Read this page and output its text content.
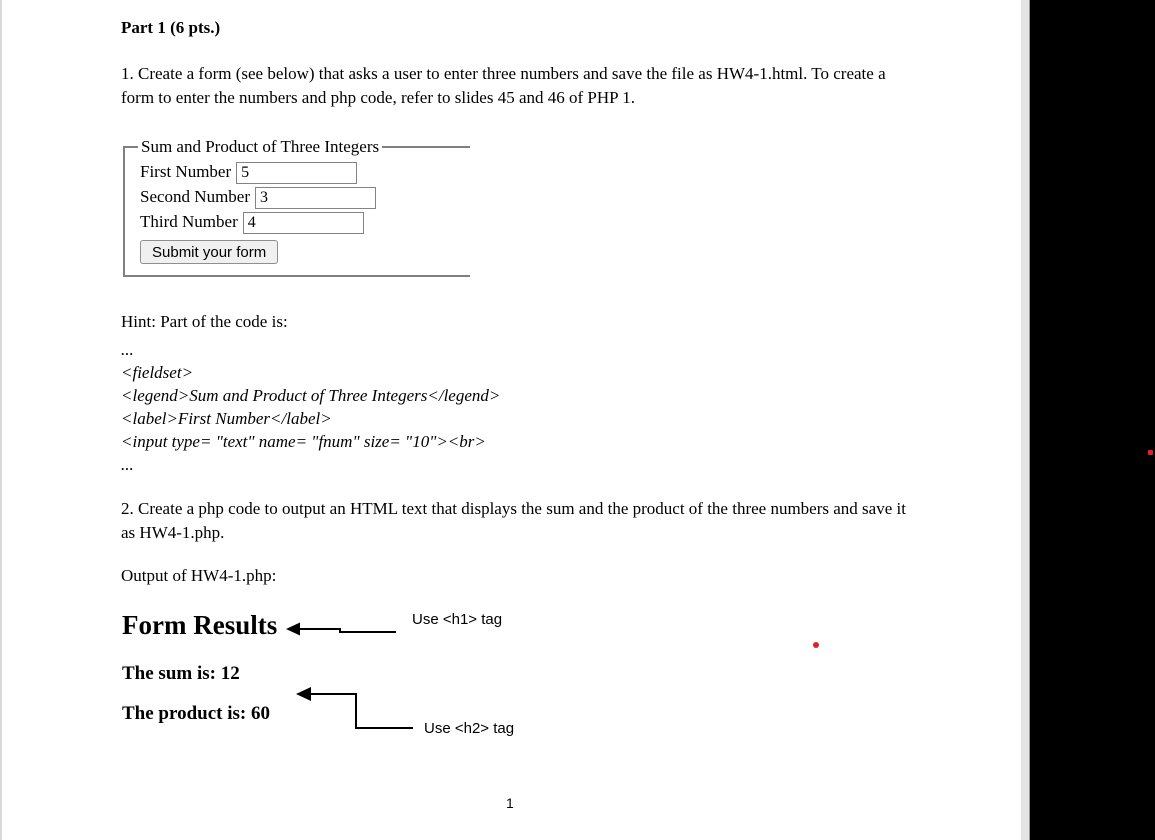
Part 1 (6 pts.)
1. Create a form (see below) that asks a user to enter three numbers and save the file as HW4-1.html. To create a form to enter the numbers and php code, refer to slides 45 and 46 of PHP 1.
Sum and Product of Three Integers
First Number5
Second Number3
Third Number4
Submit your form
Hint: Part of the code is:
...
<fieldset>
<legend>Sum and Product of Three Integers</legend>
<label>First Number</label>
<input type= "text" name= "fnum" size= "10"><br>
...
2. Create a php code to output an HTML text that displays the sum and the product of the three numbers and save it as HW4-1.php.
Output of HW4-1.php:
Form Results
The sum is: 12
The product is: 60
Use <h1> tag
Use <h2> tag
1
